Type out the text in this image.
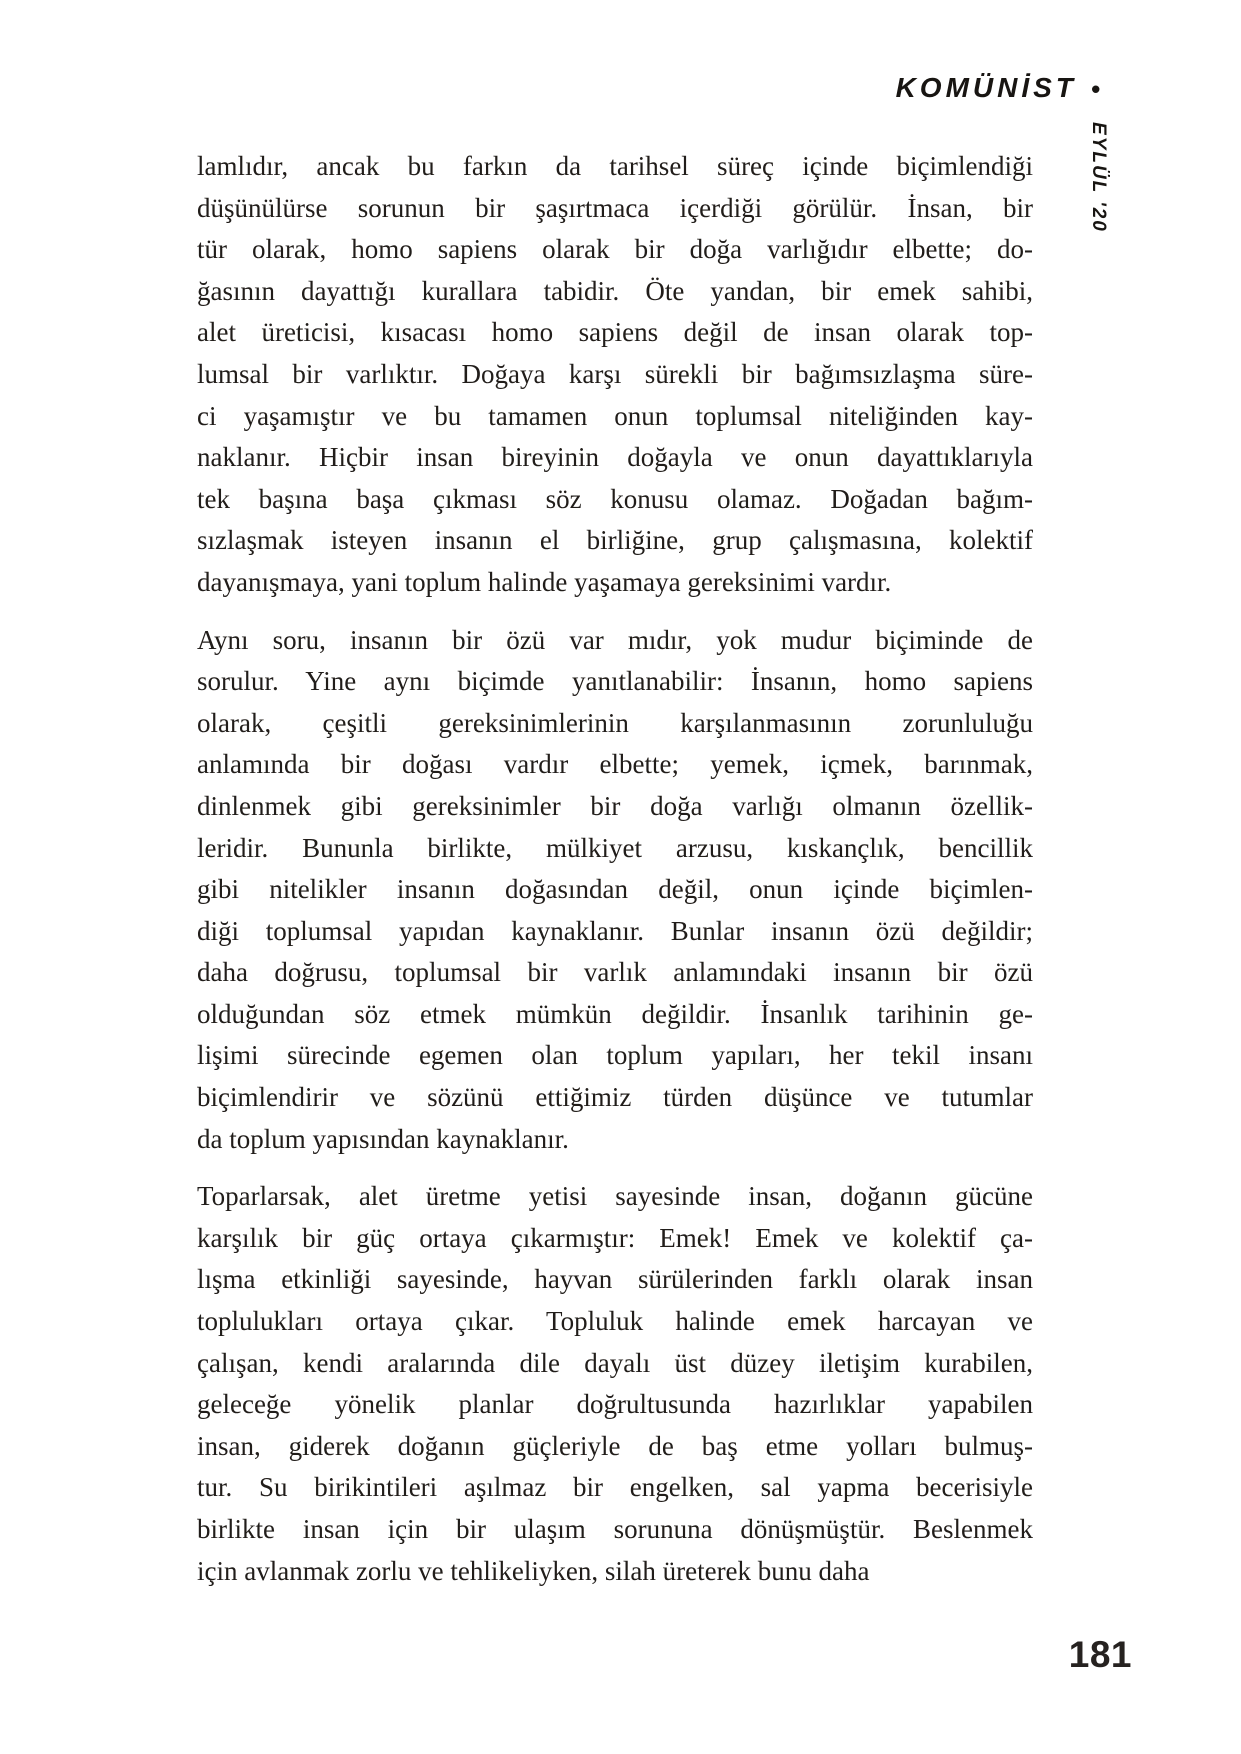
KOMÜNİST •
EYLÜL '20
lamlıdır, ancak bu farkın da tarihsel süreç içinde biçimlendiği
düşünülürse sorunun bir şaşırtmaca içerdiği görülür. İnsan, bir
tür olarak, homo sapiens olarak bir doğa varlığıdır elbette; do-
ğasının dayattığı kurallara tabidir. Öte yandan, bir emek sahibi,
alet üreticisi, kısacası homo sapiens değil de insan olarak top-
lumsal bir varlıktır. Doğaya karşı sürekli bir bağımsızlaşma süre-
ci yaşamıştır ve bu tamamen onun toplumsal niteliğinden kay-
naklanır. Hiçbir insan bireyinin doğayla ve onun dayattıklarıyla
tek başına başa çıkması söz konusu olamaz. Doğadan bağım-
sızlaşmak isteyen insanın el birliğine, grup çalışmasına, kolektif
dayanışmaya, yani toplum halinde yaşamaya gereksinimi vardır.
Aynı soru, insanın bir özü var mıdır, yok mudur biçiminde de
sorulur. Yine aynı biçimde yanıtlanabilir: İnsanın, homo sapiens
olarak, çeşitli gereksinimlerinin karşılanmasının zorunluluğu
anlamında bir doğası vardır elbette; yemek, içmek, barınmak,
dinlenmek gibi gereksinimler bir doğa varlığı olmanın özellik-
leridir. Bununla birlikte, mülkiyet arzusu, kıskançlık, bencillik
gibi nitelikler insanın doğasından değil, onun içinde biçimlen-
diği toplumsal yapıdan kaynaklanır. Bunlar insanın özü değildir;
daha doğrusu, toplumsal bir varlık anlamındaki insanın bir özü
olduğundan söz etmek mümkün değildir. İnsanlık tarihinin ge-
lişimi sürecinde egemen olan toplum yapıları, her tekil insanı
biçimlendirir ve sözünü ettiğimiz türden düşünce ve tutumlar
da toplum yapısından kaynaklanır.
Toparlarsak, alet üretme yetisi sayesinde insan, doğanın gücüne
karşılık bir güç ortaya çıkarmıştır: Emek! Emek ve kolektif ça-
lışma etkinliği sayesinde, hayvan sürülerinden farklı olarak insan
toplulukları ortaya çıkar. Topluluk halinde emek harcayan ve
çalışan, kendi aralarında dile dayalı üst düzey iletişim kurabilen,
geleceğe yönelik planlar doğrultusunda hazırlıklar yapabilen
insan, giderek doğanın güçleriyle de baş etme yolları bulmuş-
tur. Su birikintileri aşılmaz bir engelken, sal yapma becerisiyle
birlikte insan için bir ulaşım sorununa dönüşmüştür. Beslenmek
için avlanmak zorlu ve tehlikeliyken, silah üreterek bunu daha
181
